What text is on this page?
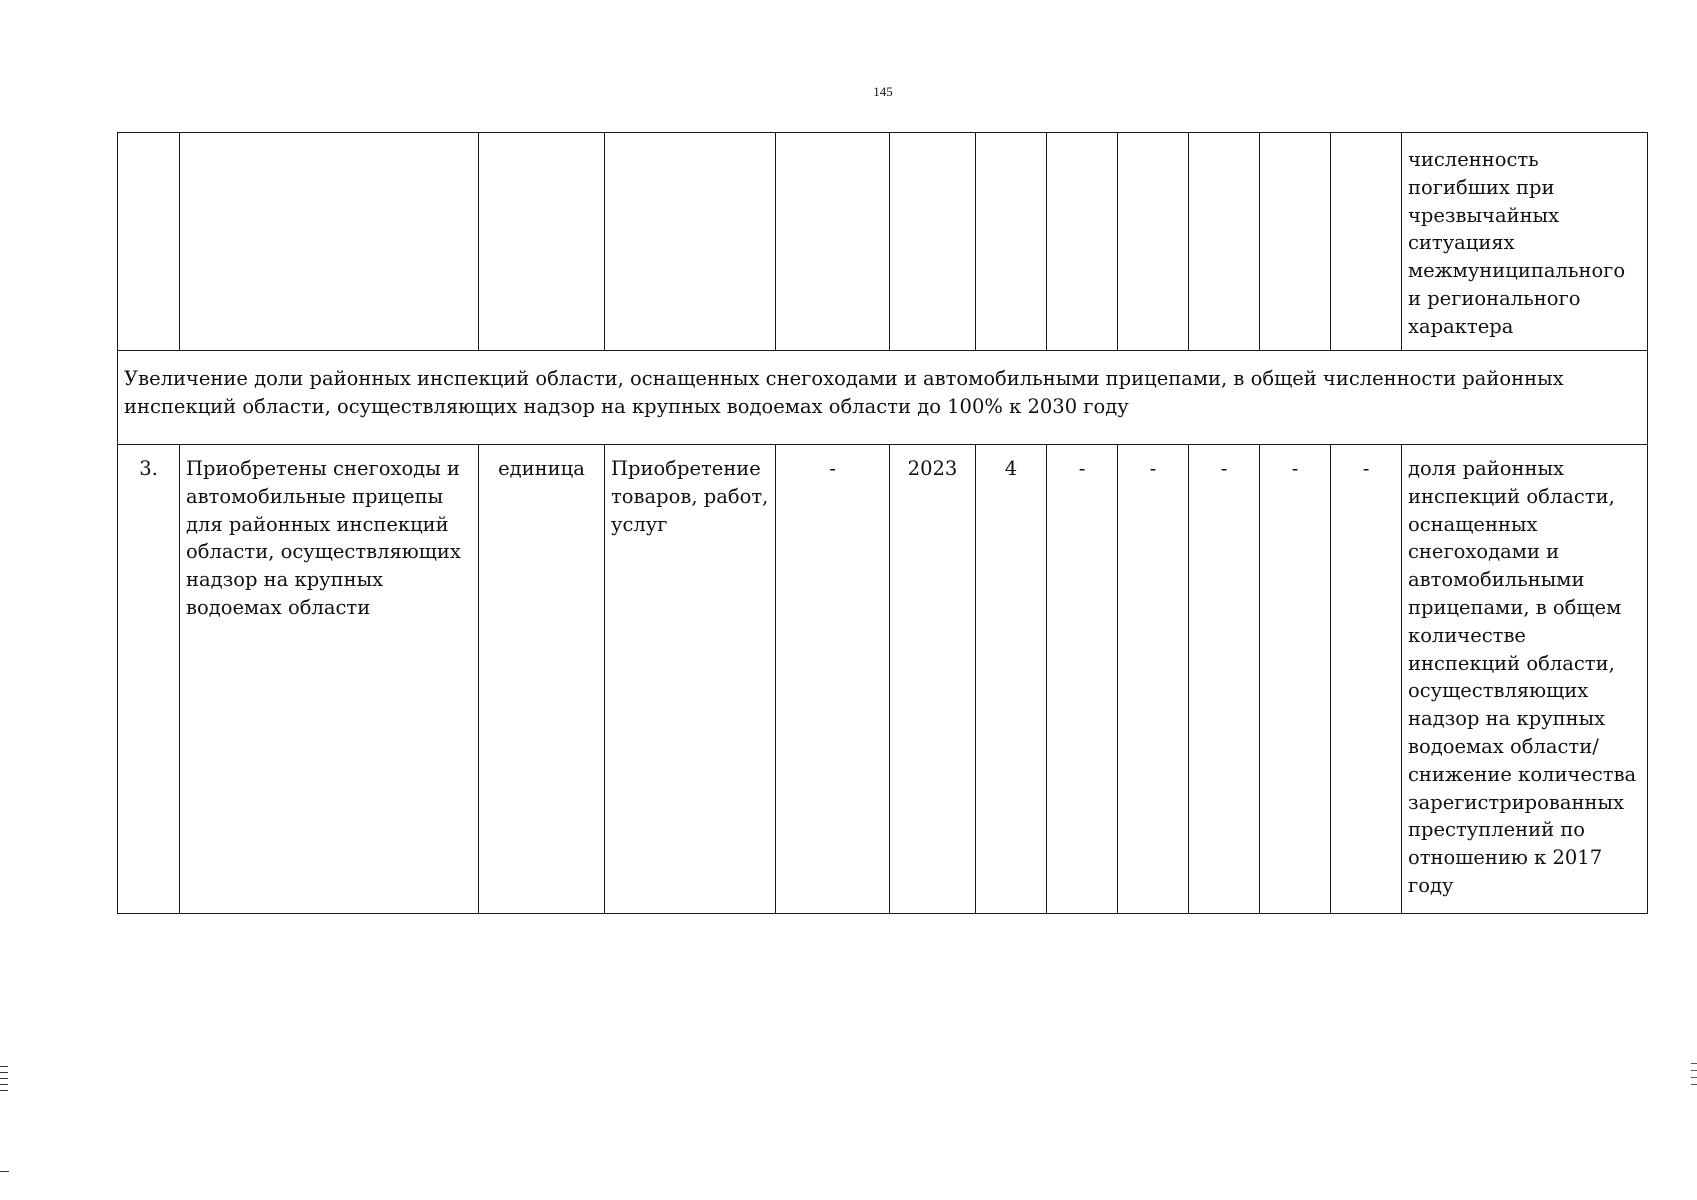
145

												численность погибших при чрезвычайных ситуациях межмуниципального и регионального характера

Увеличение доли районных инспекций области, оснащенных снегоходами и автомобильными прицепами, в общей численности районных инспекций области, осуществляющих надзор на крупных водоемах области до 100% к 2030 году												

3.	Приобретены снегоходы и автомобильные прицепы для районных инспекций области, осуществляющих надзор на крупных водоемах области	единица	Приобретение товаров, работ, услуг	-	2023	4	-	-	-	-	-	доля районных инспекций области, оснащенных снегоходами и автомобильными прицепами, в общем количестве инспекций области, осуществляющих надзор на крупных водоемах области/ снижение количества зарегистрированных преступлений по отношению к 2017 году
